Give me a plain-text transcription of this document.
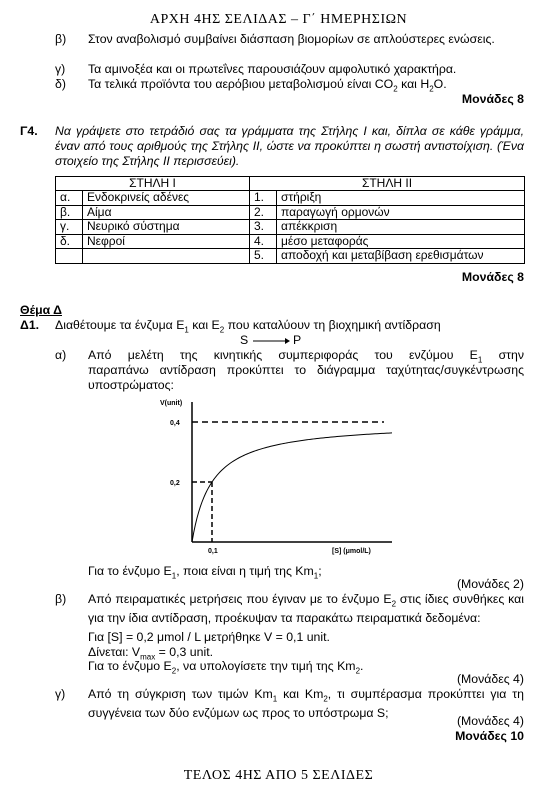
ΑΡΧΗ 4ΗΣ ΣΕΛΙΔΑΣ – Γ΄ ΗΜΕΡΗΣΙΩΝ
β) Στον αναβολισμό συμβαίνει διάσπαση βιομορίων σε απλούστερες ενώσεις.
γ) Τα αμινοξέα και οι πρωτεΐνες παρουσιάζουν αμφολυτικό χαρακτήρα.
δ) Τα τελικά προϊόντα του αερόβιου μεταβολισμού είναι $CO_2$ και $H_2O$.
Μονάδες 8
Γ4. Να γράψετε στο τετράδιό σας τα γράμματα της Στήλης Ι και, δίπλα σε κάθε γράμμα, έναν από τους αριθμούς της Στήλης ΙΙ, ώστε να προκύπτει η σωστή αντιστοίχιση. (Ένα στοιχείο της Στήλης ΙΙ περισσεύει).
ΣΤΗΛΗ Ι		ΣΤΗΛΗ ΙΙ	
α.	Ενδοκρινείς αδένες	1.	στήριξη
β.	Αίμα	2.	παραγωγή ορμονών
γ.	Νευρικό σύστημα	3.	απέκκριση
δ.	Νεφροί	4.	μέσο μεταφοράς
		5.	αποδοχή και μεταβίβαση ερεθισμάτων
Μονάδες 8
Θέμα Δ
Δ1. Διαθέτουμε τα ένζυμα $E_1$ και $E_2$ που καταλύουν τη βιοχημική αντίδραση
S → P
α) Από μελέτη της κινητικής συμπεριφοράς του ενζύμου $E_1$ στην
παραπάνω αντίδραση προκύπτει το διάγραμμα ταχύτητας/συγκέντρωσης υποστρώματος:
V(unit)
[S] (μmol/L)
0,4
0,2
0,1
Για το ένζυμο $E_1$, ποια είναι η τιμή της $Km_1$;
(Μονάδες 2)
β) Από πειραματικές μετρήσεις που έγιναν με το ένζυμο $E_2$ στις ίδιες συνθήκες και για την ίδια αντίδραση, προέκυψαν τα παρακάτω πειραματικά δεδομένα:
Για [S] = 0,2 μmol / L μετρήθηκε V = 0,1 unit.
Δίνεται: $V_{max} = 0,3$ unit.
Για το ένζυμο $E_2$, να υπολογίσετε την τιμή της $Km_2$.
(Μονάδες 4)
γ) Από τη σύγκριση των τιμών $Km_1$ και $Km_2$, τι συμπέρασμα προκύπτει για τη συγγένεια των δύο ενζύμων ως προς το υπόστρωμα S;
(Μονάδες 4)
Μονάδες 10
ΤΕΛΟΣ 4ΗΣ ΑΠΟ 5 ΣΕΛΙΔΕΣ
